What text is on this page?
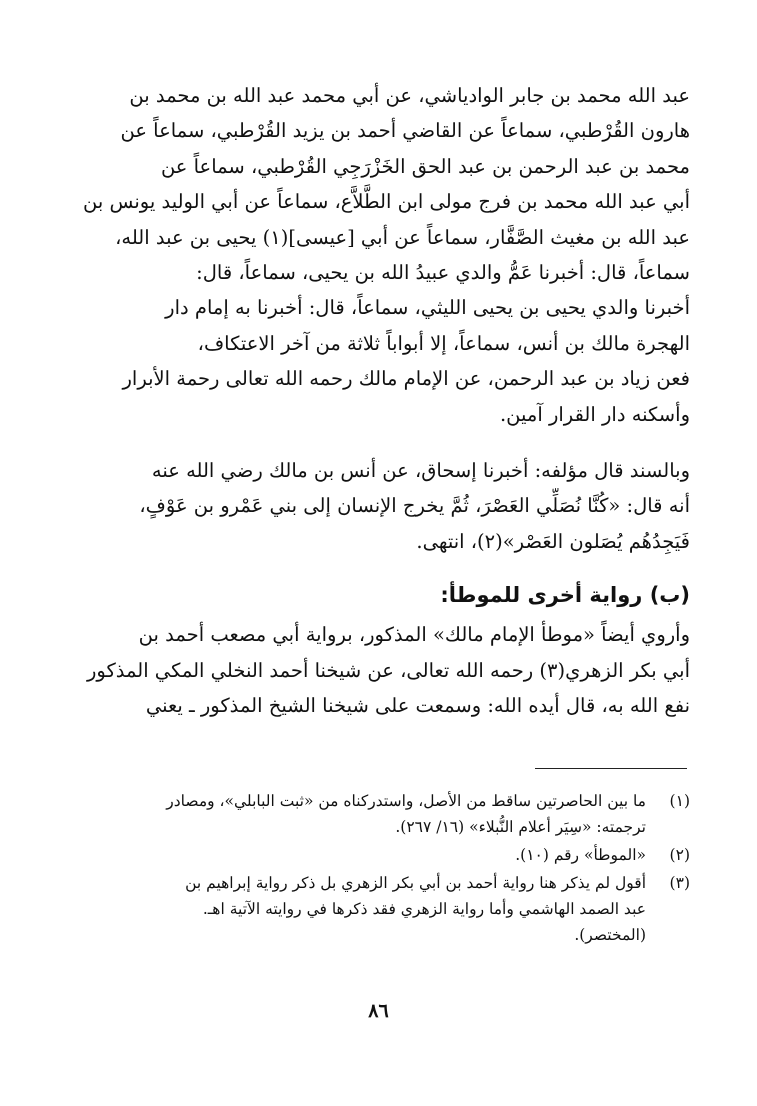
عبد الله محمد بن جابر الوادياشي، عن أبي محمد عبد الله بن محمد بن
هارون القُرْطبي، سماعاً عن القاضي أحمد بن يزيد القُرْطبي، سماعاً عن
محمد بن عبد الرحمن بن عبد الحق الخَزْرَجِي القُرْطبي، سماعاً عن
أبي عبد الله محمد بن فرج مولى ابن الطَّلاَّع، سماعاً عن أبي الوليد يونس بن
عبد الله بن مغيث الصَّفَّار، سماعاً عن أبي [عيسى](١) يحيى بن عبد الله،
سماعاً، قال: أخبرنا عَمُّ والدي عبيدُ الله بن يحيى، سماعاً، قال:
أخبرنا والدي يحيى بن يحيى الليثي، سماعاً، قال: أخبرنا به إمام دار
الهجرة مالك بن أنس، سماعاً، إلا أبواباً ثلاثة من آخر الاعتكاف،
فعن زياد بن عبد الرحمن، عن الإمام مالك رحمه الله تعالى رحمة الأبرار
وأسكنه دار القرار آمين.

وبالسند قال مؤلفه: أخبرنا إسحاق، عن أنس بن مالك رضي الله عنه
أنه قال: «كُنَّا نُصَلِّي العَصْرَ، ثُمَّ يخرج الإنسان إلى بني عَمْرو بن عَوْفٍ،
فَيَجِدُهُم يُصَلون العَصْر»(٢)، انتهى.

(ب) رواية أخرى للموطأ:

وأروي أيضاً «موطأ الإمام مالك» المذكور، برواية أبي مصعب أحمد بن
أبي بكر الزهري(٣) رحمه الله تعالى، عن شيخنا أحمد النخلي المكي المذكور
نفع الله به، قال أيده الله: وسمعت على شيخنا الشيخ المذكور ـ يعني

(١)
ما بين الحاصرتين ساقط من الأصل، واستدركناه من «ثبت البابلي»، ومصادر
ترجمته: «سِيَر أعلام النُّبلاء» (١٦/ ٢٦٧).
(٢)
«الموطأ» رقم (١٠).
(٣)
أقول لم يذكر هنا رواية أحمد بن أبي بكر الزهري بل ذكر رواية إبراهيم بن
عبد الصمد الهاشمي وأما رواية الزهري فقد ذكرها في روايته الآتية اهـ.
(المختصر).
٨٦
